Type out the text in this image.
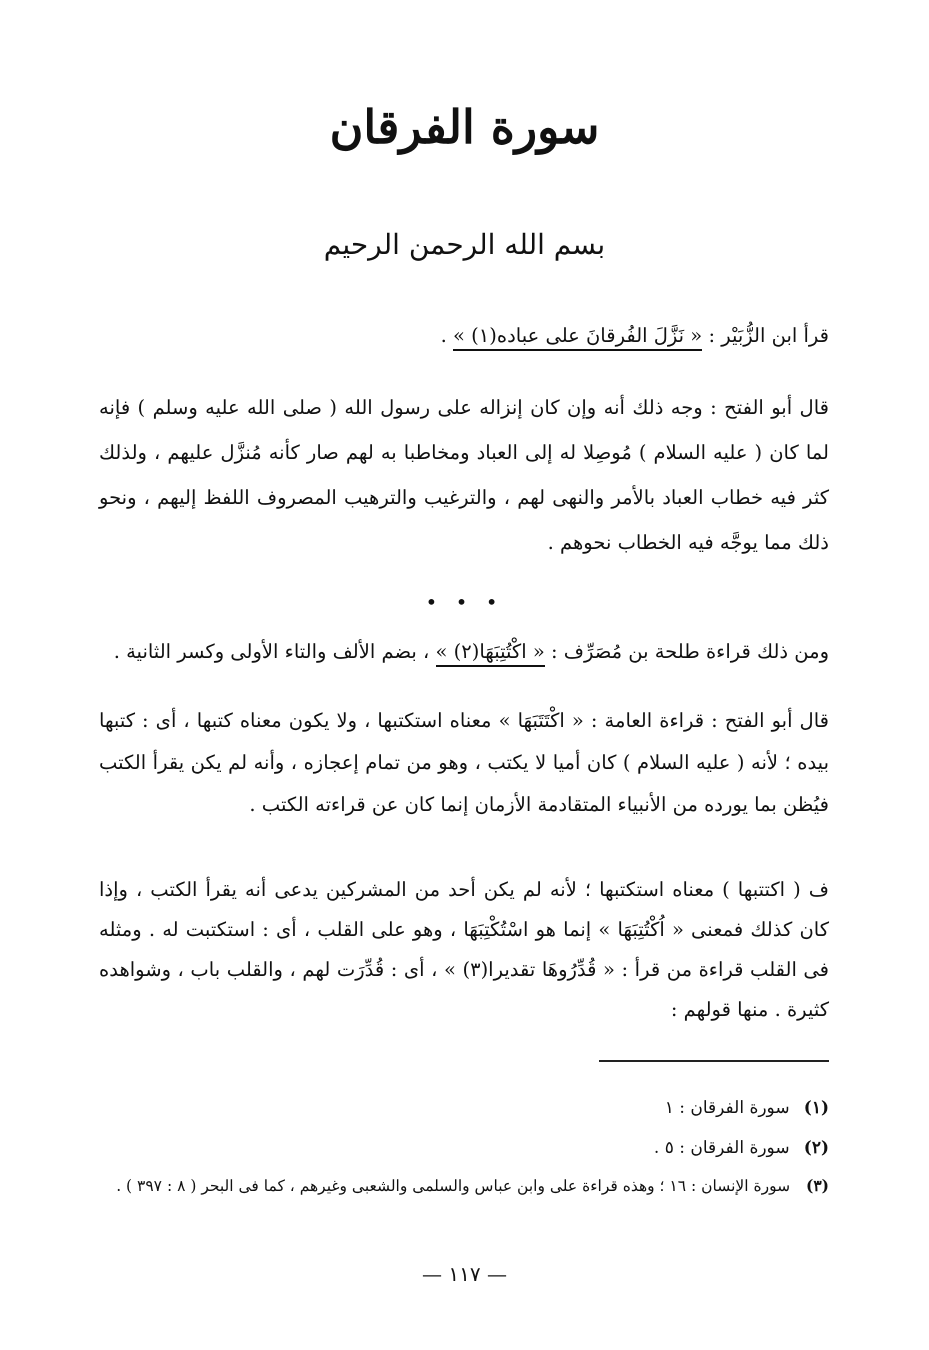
سورة الفرقان
بسم الله الرحمن الرحيم
قرأ ابن الزُّبَيْر : « نَزَّلَ الفُرقانَ على عباده(١) » .

قال أبو الفتح : وجه ذلك أنه وإن كان إنزاله على رسول الله ( صلى الله عليه وسلم ) فإنه لما كان ( عليه السلام ) مُوصِلا له إلى العباد ومخاطبا به لهم صار كأنه مُنزَّل عليهم ، ولذلك كثر فيه خطاب العباد بالأمر والنهى لهم ، والترغيب والترهيب المصروف اللفظ إليهم ، ونحو ذلك مما يوجَّه فيه الخطاب نحوهم .

• • •
ومن ذلك قراءة طلحة بن مُصَرِّف : « اكْتُتِبَهَا(٢) » ، بضم الألف والتاء الأولى وكسر الثانية .

قال أبو الفتح : قراءة العامة : « اكْتَتَبَهَا » معناه استكتبها ، ولا يكون معناه كتبها ، أى : كتبها بيده ؛ لأنه ( عليه السلام ) كان أميا لا يكتب ، وهو من تمام إعجازه ، وأنه لم يكن يقرأ الكتب فيُظن بما يورده من الأنبياء المتقادمة الأزمان إنما كان عن قراءته الكتب .

ف ( اكتتبها ) معناه استكتبها ؛ لأنه لم يكن أحد من المشركين يدعى أنه يقرأ الكتب ، وإذا كان كذلك فمعنى « اُكْتُتِبَهَا » إنما هو اسْتُكْتِبَهَا ، وهو على القلب ، أى : استكتبت له . ومثله فى القلب قراءة من قرأ : « قُدِّرُوهَا تقديرا(٣) » ، أى : قُدِّرَت لهم ، والقلب باب ، وشواهده كثيرة . منها قولهم :

(١) سورة الفرقان : ١

(٢) سورة الفرقان : ٥ .

(٣) سورة الإنسان : ١٦ ؛ وهذه قراءة على وابن عباس والسلمى والشعبى وغيرهم ، كما فى البحر ( ٨ : ٣٩٧ ) .

— ١١٧ —
